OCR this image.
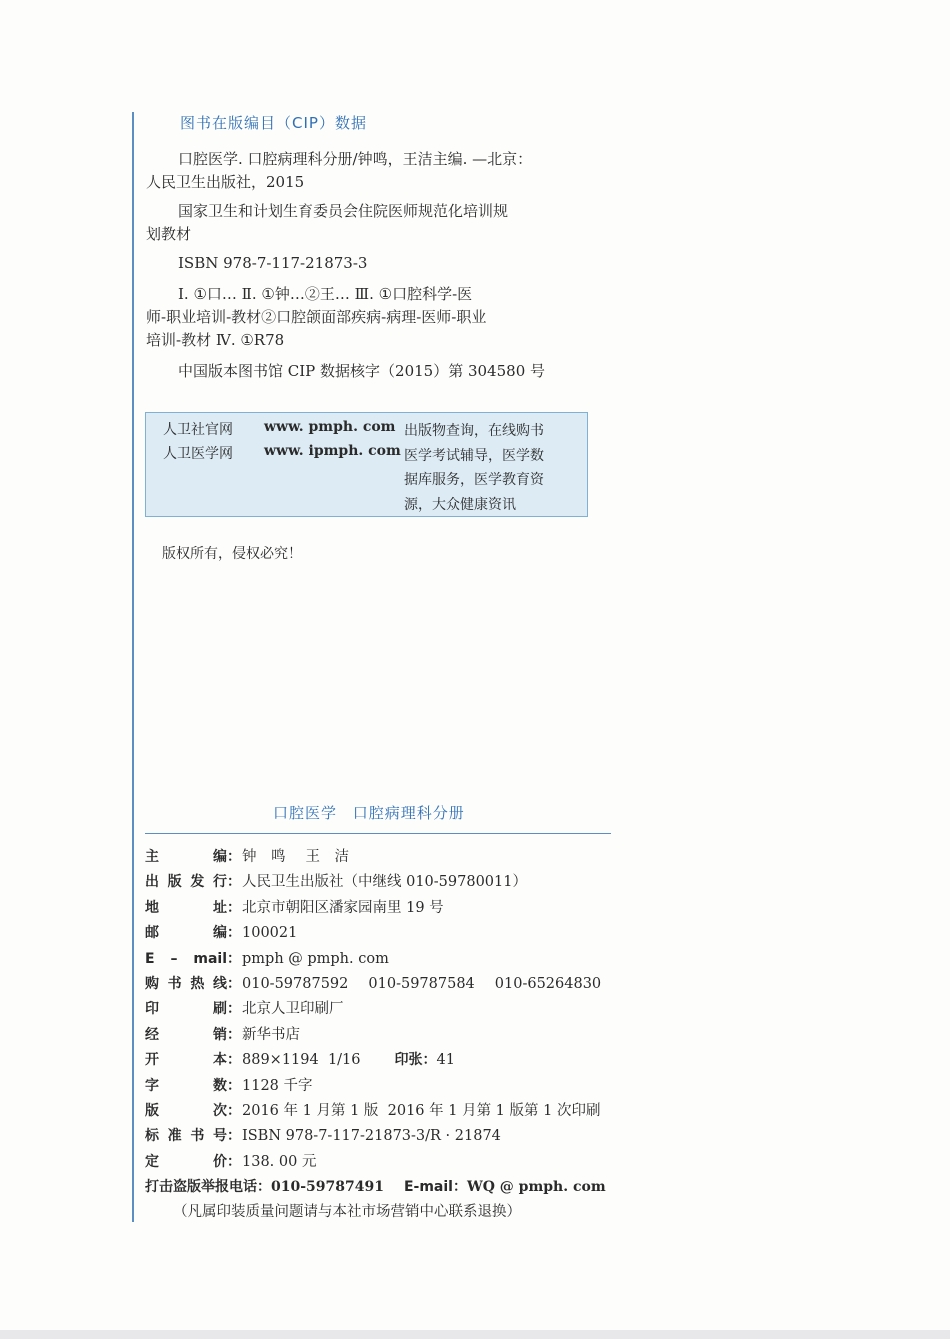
图书在版编目（CIP）数据
口腔医学. 口腔病理科分册/钟鸣，王洁主编. —北京：
人民卫生出版社，2015
国家卫生和计划生育委员会住院医师规范化培训规
划教材
ISBN 978-7-117-21873-3
Ⅰ. ①口… Ⅱ. ①钟…②王… Ⅲ. ①口腔科学-医
师-职业培训-教材②口腔颌面部疾病-病理-医师-职业
培训-教材 Ⅳ. ①R78
中国版本图书馆 CIP 数据核字（2015）第 304580 号
人卫社官网 www. pmph. com
人卫医学网 www. ipmph. com
出版物查询，在线购书
医学考试辅导，医学数
据库服务，医学教育资
源，大众健康资讯
版权所有，侵权必究！
口腔医学 口腔病理科分册
主	编 ： 钟　鸣 王　洁
出 版 发 行 ： 人民卫生出版社（中继线 010-59780011）
地	址 ： 北京市朝阳区潘家园南里 19 号
邮	编 ： 100021
E – mail ： pmph @ pmph. com
购 书 热 线 ： 010-59787592 010-59787584 010-65264830
印	刷 ： 北京人卫印刷厂
经	销 ： 新华书店
开	本 ： 889×1194  1/16 印张： 41
字	数 ： 1128 千字
版	次 ： 2016 年 1 月第 1 版  2016 年 1 月第 1 版第 1 次印刷
标 准 书 号 ： ISBN 978-7-117-21873-3/R · 21874
定	价 ： 138. 00 元
打击盗版举报电话： 010-59787491 E-mail： WQ @ pmph. com
（凡属印装质量问题请与本社市场营销中心联系退换）
